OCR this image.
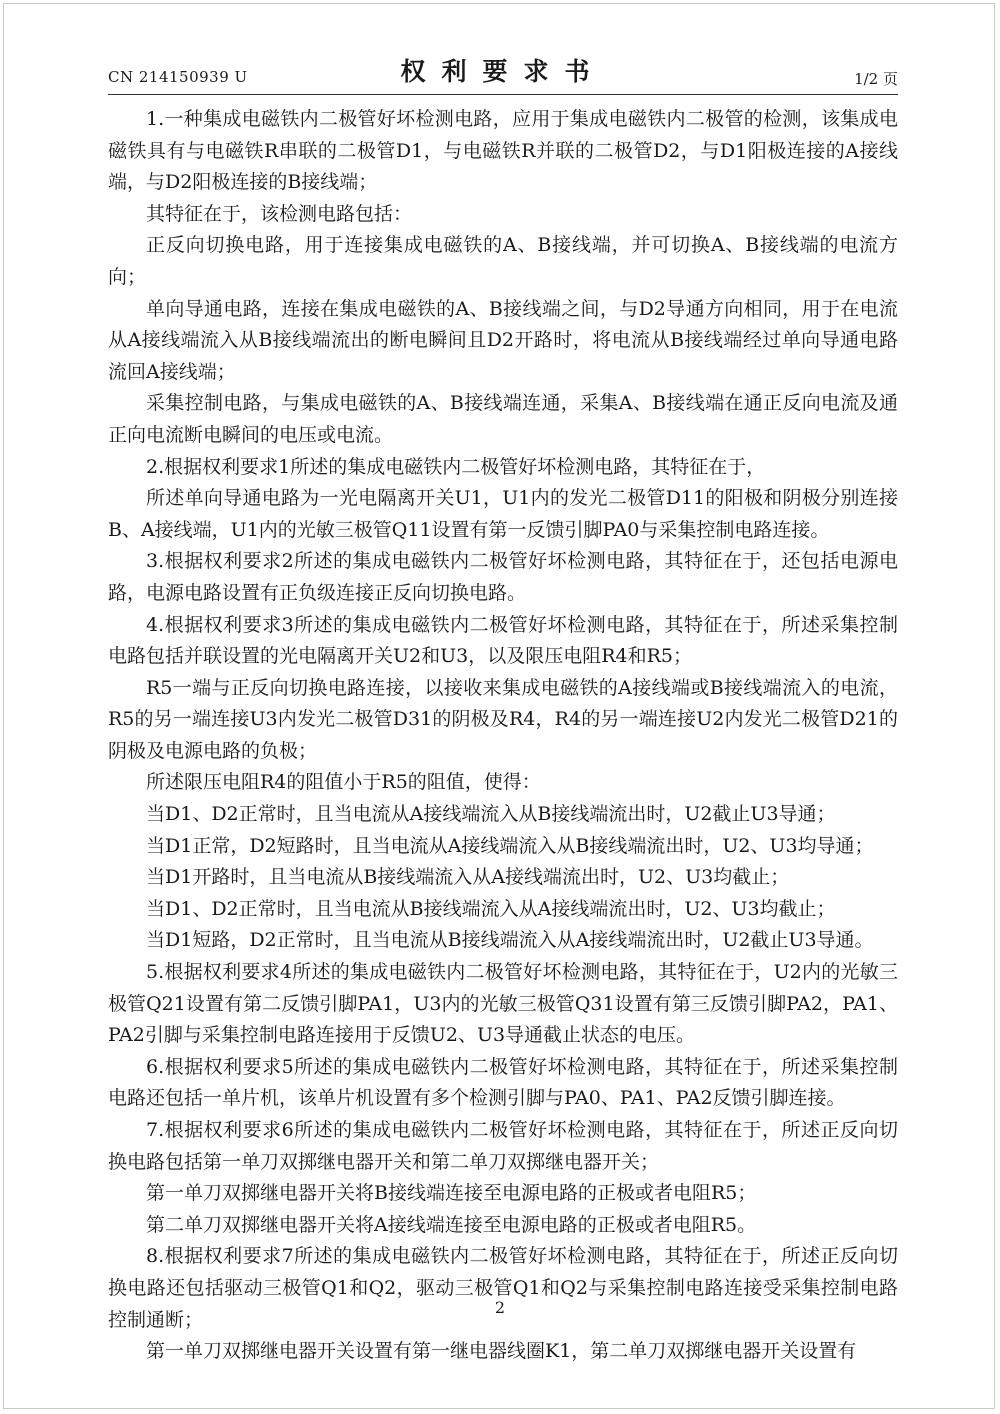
CN 214150939 U	权利要求书	1/2 页

1.一种集成电磁铁内二极管好坏检测电路，应用于集成电磁铁内二极管的检测，该集成电磁铁具有与电磁铁R串联的二极管D1，与电磁铁R并联的二极管D2，与D1阳极连接的A接线端，与D2阳极连接的B接线端；

其特征在于，该检测电路包括：

正反向切换电路，用于连接集成电磁铁的A、B接线端，并可切换A、B接线端的电流方向；

单向导通电路，连接在集成电磁铁的A、B接线端之间，与D2导通方向相同，用于在电流从A接线端流入从B接线端流出的断电瞬间且D2开路时，将电流从B接线端经过单向导通电路流回A接线端；

采集控制电路，与集成电磁铁的A、B接线端连通，采集A、B接线端在通正反向电流及通正向电流断电瞬间的电压或电流。

2.根据权利要求1所述的集成电磁铁内二极管好坏检测电路，其特征在于，

所述单向导通电路为一光电隔离开关U1，U1内的发光二极管D11的阳极和阴极分别连接B、A接线端，U1内的光敏三极管Q11设置有第一反馈引脚PA0与采集控制电路连接。

3.根据权利要求2所述的集成电磁铁内二极管好坏检测电路，其特征在于，还包括电源电路，电源电路设置有正负级连接正反向切换电路。

4.根据权利要求3所述的集成电磁铁内二极管好坏检测电路，其特征在于，所述采集控制电路包括并联设置的光电隔离开关U2和U3，以及限压电阻R4和R5；

R5一端与正反向切换电路连接，以接收来集成电磁铁的A接线端或B接线端流入的电流，R5的另一端连接U3内发光二极管D31的阴极及R4，R4的另一端连接U2内发光二极管D21的阴极及电源电路的负极；

所述限压电阻R4的阻值小于R5的阻值，使得：

当D1、D2正常时，且当电流从A接线端流入从B接线端流出时，U2截止U3导通；

当D1正常，D2短路时，且当电流从A接线端流入从B接线端流出时，U2、U3均导通；

当D1开路时，且当电流从B接线端流入从A接线端流出时，U2、U3均截止；

当D1、D2正常时，且当电流从B接线端流入从A接线端流出时，U2、U3均截止；

当D1短路，D2正常时，且当电流从B接线端流入从A接线端流出时，U2截止U3导通。

5.根据权利要求4所述的集成电磁铁内二极管好坏检测电路，其特征在于，U2内的光敏三极管Q21设置有第二反馈引脚PA1，U3内的光敏三极管Q31设置有第三反馈引脚PA2，PA1、PA2引脚与采集控制电路连接用于反馈U2、U3导通截止状态的电压。

6.根据权利要求5所述的集成电磁铁内二极管好坏检测电路，其特征在于，所述采集控制电路还包括一单片机，该单片机设置有多个检测引脚与PA0、PA1、PA2反馈引脚连接。

7.根据权利要求6所述的集成电磁铁内二极管好坏检测电路，其特征在于，所述正反向切换电路包括第一单刀双掷继电器开关和第二单刀双掷继电器开关；

第一单刀双掷继电器开关将B接线端连接至电源电路的正极或者电阻R5；

第二单刀双掷继电器开关将A接线端连接至电源电路的正极或者电阻R5。

8.根据权利要求7所述的集成电磁铁内二极管好坏检测电路，其特征在于，所述正反向切换电路还包括驱动三极管Q1和Q2，驱动三极管Q1和Q2与采集控制电路连接受采集控制电路控制通断；

第一单刀双掷继电器开关设置有第一继电器线圈K1，第二单刀双掷继电器开关设置有

2
